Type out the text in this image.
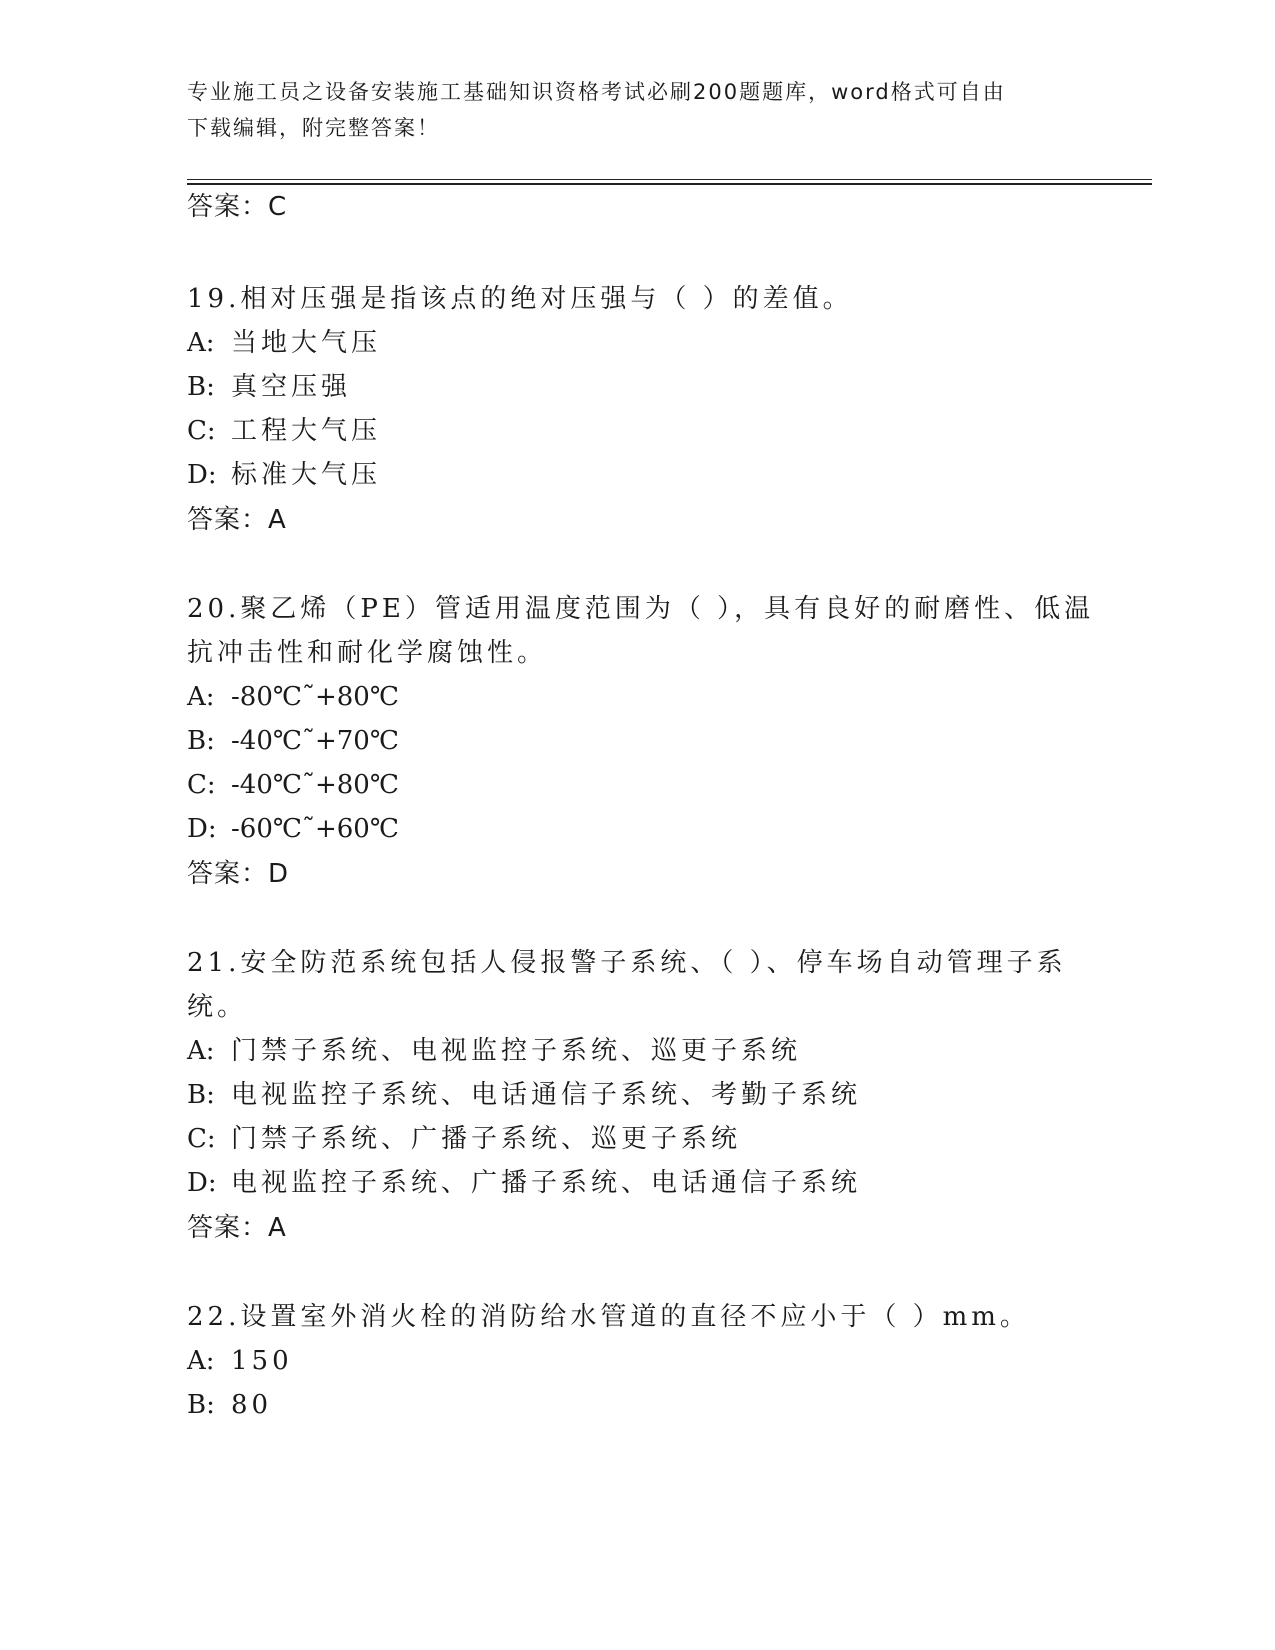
专业施工员之设备安装施工基础知识资格考试必刷200题题库，word格式可自由
下载编辑，附完整答案！
答案：C
19.相对压强是指该点的绝对压强与（ ）的差值。
A: 当地大气压
B: 真空压强
C: 工程大气压
D: 标准大气压
答案：A
20.聚乙烯（PE）管适用温度范围为（ ），具有良好的耐磨性、低温
抗冲击性和耐化学腐蚀性。
A: -80℃˜+80℃
B: -40℃˜+70℃
C: -40℃˜+80℃
D: -60℃˜+60℃
答案：D
21.安全防范系统包括人侵报警子系统、（ ）、停车场自动管理子系
统。
A: 门禁子系统、电视监控子系统、巡更子系统
B: 电视监控子系统、电话通信子系统、考勤子系统
C: 门禁子系统、广播子系统、巡更子系统
D: 电视监控子系统、广播子系统、电话通信子系统
答案：A
22.设置室外消火栓的消防给水管道的直径不应小于（ ）mm。
A: 150
B: 80
